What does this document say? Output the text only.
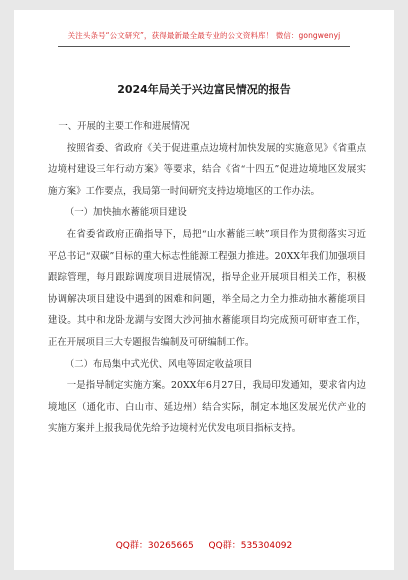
关注头条号“公文研究”，获得最新最全最专业的公文资料库！ 微信：gongwenyj
2024年局关于兴边富民情况的报告

一、开展的主要工作和进展情况

按照省委、省政府《关于促进重点边境村加快发展的实施意见》《省重点边境村建设三年行动方案》等要求，结合《省“十四五”促进边境地区发展实施方案》工作要点，我局第一时间研究支持边境地区的工作办法。

（一）加快抽水蓄能项目建设

在省委省政府正确指导下，局把“山水蓄能三峡”项目作为贯彻落实习近平总书记“双碳”目标的重大标志性能源工程强力推进。20XX年我们加强项目跟踪管理，每月跟踪调度项目进展情况，指导企业开展项目相关工作，积极协调解决项目建设中遇到的困难和问题，举全局之力全力推动抽水蓄能项目建设。其中和龙卧龙湖与安图大沙河抽水蓄能项目均完成预可研审查工作，正在开展项目三大专题报告编制及可研编制工作。

（二）布局集中式光伏、风电等固定收益项目

一是指导制定实施方案。20XX年6月27日，我局印发通知，要求省内边境地区（通化市、白山市、延边州）结合实际，制定本地区发展光伏产业的实施方案并上报我局优先给予边境村光伏发电项目指标支持。

QQ群：30265665 QQ群：535304092
